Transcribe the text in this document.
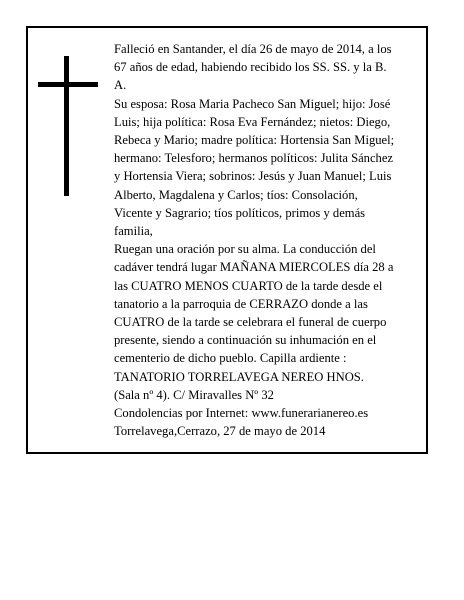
Falleció en Santander, el día 26 de mayo de 2014, a los
67 años de edad, habiendo recibido los SS. SS. y la B.
A.

Su esposa: Rosa Maria Pacheco San Miguel; hijo: José
Luis; hija política: Rosa Eva Fernández; nietos: Diego,
Rebeca y Mario; madre política: Hortensia San Miguel;
hermano: Telesforo; hermanos políticos: Julita Sánchez
y Hortensia Viera; sobrinos: Jesús y Juan Manuel; Luis
Alberto, Magdalena y Carlos; tíos: Consolación,
Vicente y Sagrario; tíos políticos, primos y demás
familia,

Ruegan una oración por su alma. La conducción del
cadáver tendrá lugar MAÑANA MIERCOLES día 28 a
las CUATRO MENOS CUARTO de la tarde desde el
tanatorio a la parroquia de CERRAZO donde a las
CUATRO de la tarde se celebrara el funeral de cuerpo
presente, siendo a continuación su inhumación en el
cementerio de dicho pueblo. Capilla ardiente :
TANATORIO TORRELAVEGA NEREO HNOS.
(Sala nº 4). C/ Miravalles Nº 32

Condolencias por Internet: www.funerarianereo.es

Torrelavega,Cerrazo, 27 de mayo de 2014
